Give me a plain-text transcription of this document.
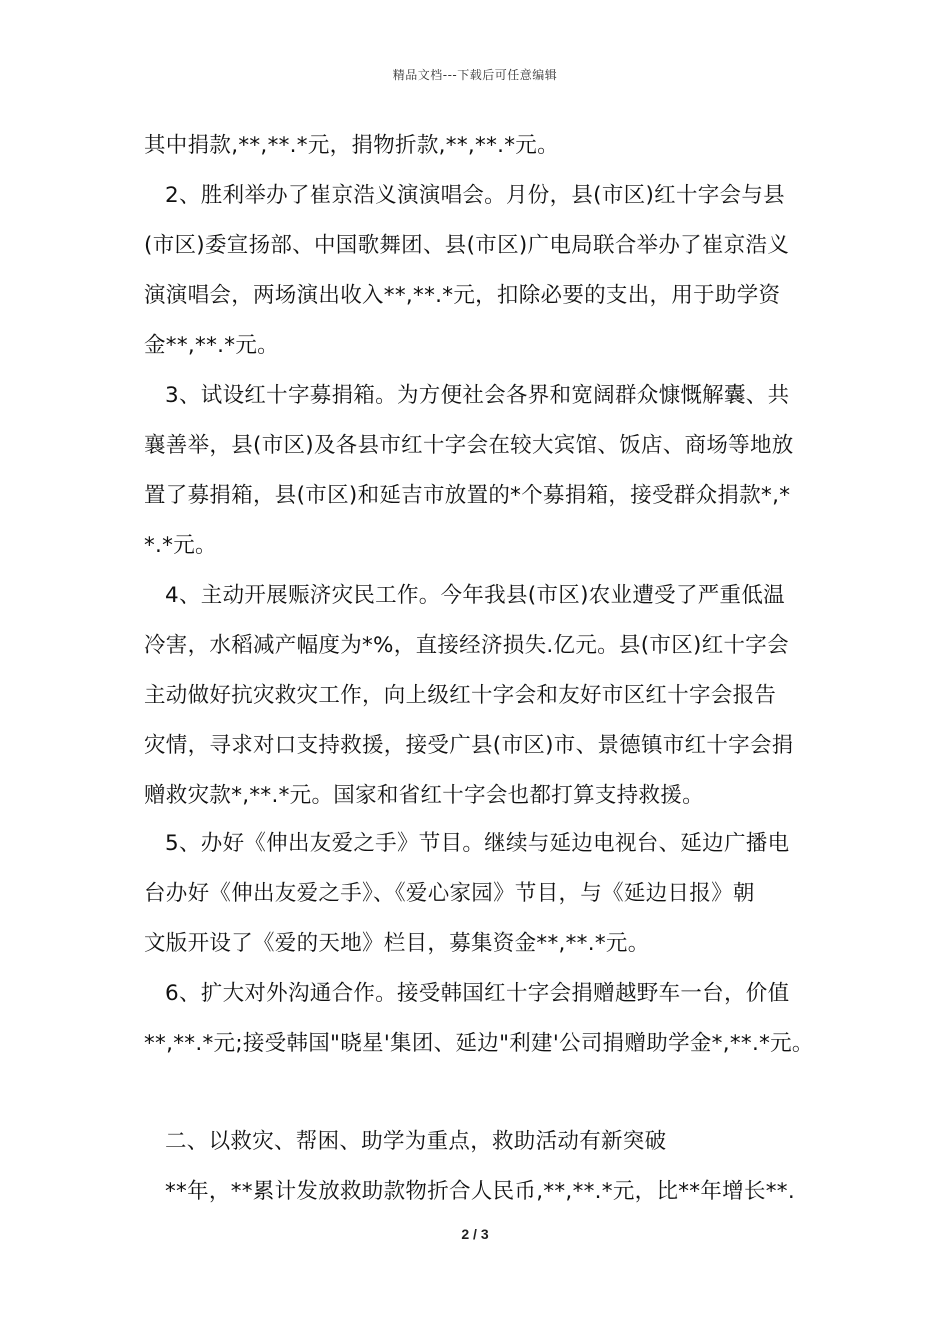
精品文档---下载后可任意编辑
其中捐款,**,**.*元，捐物折款,**,**.*元。
2、胜利举办了崔京浩义演演唱会。月份，县(市区)红十字会与县
(市区)委宣扬部、中国歌舞团、县(市区)广电局联合举办了崔京浩义
演演唱会，两场演出收入**,**.*元，扣除必要的支出，用于助学资
金**,**.*元。
3、试设红十字募捐箱。为方便社会各界和宽阔群众慷慨解囊、共
襄善举，县(市区)及各县市红十字会在较大宾馆、饭店、商场等地放
置了募捐箱，县(市区)和延吉市放置的*个募捐箱，接受群众捐款*,*
*.*元。
4、主动开展赈济灾民工作。今年我县(市区)农业遭受了严重低温
冷害，水稻减产幅度为*%，直接经济损失.亿元。县(市区)红十字会
主动做好抗灾救灾工作，向上级红十字会和友好市区红十字会报告
灾情，寻求对口支持救援，接受广县(市区)市、景德镇市红十字会捐
赠救灾款*,**.*元。国家和省红十字会也都打算支持救援。
5、办好《伸出友爱之手》节目。继续与延边电视台、延边广播电
台办好《伸出友爱之手》、《爱心家园》节目，与《延边日报》朝
文版开设了《爱的天地》栏目，募集资金**,**.*元。
6、扩大对外沟通合作。接受韩国红十字会捐赠越野车一台，价值
**,**.*元;接受韩国"晓星'集团、延边"利建'公司捐赠助学金*,**.*元。
二、以救灾、帮困、助学为重点，救助活动有新突破
**年，**累计发放救助款物折合人民币,**,**.*元，比**年增长**.
2 / 3
